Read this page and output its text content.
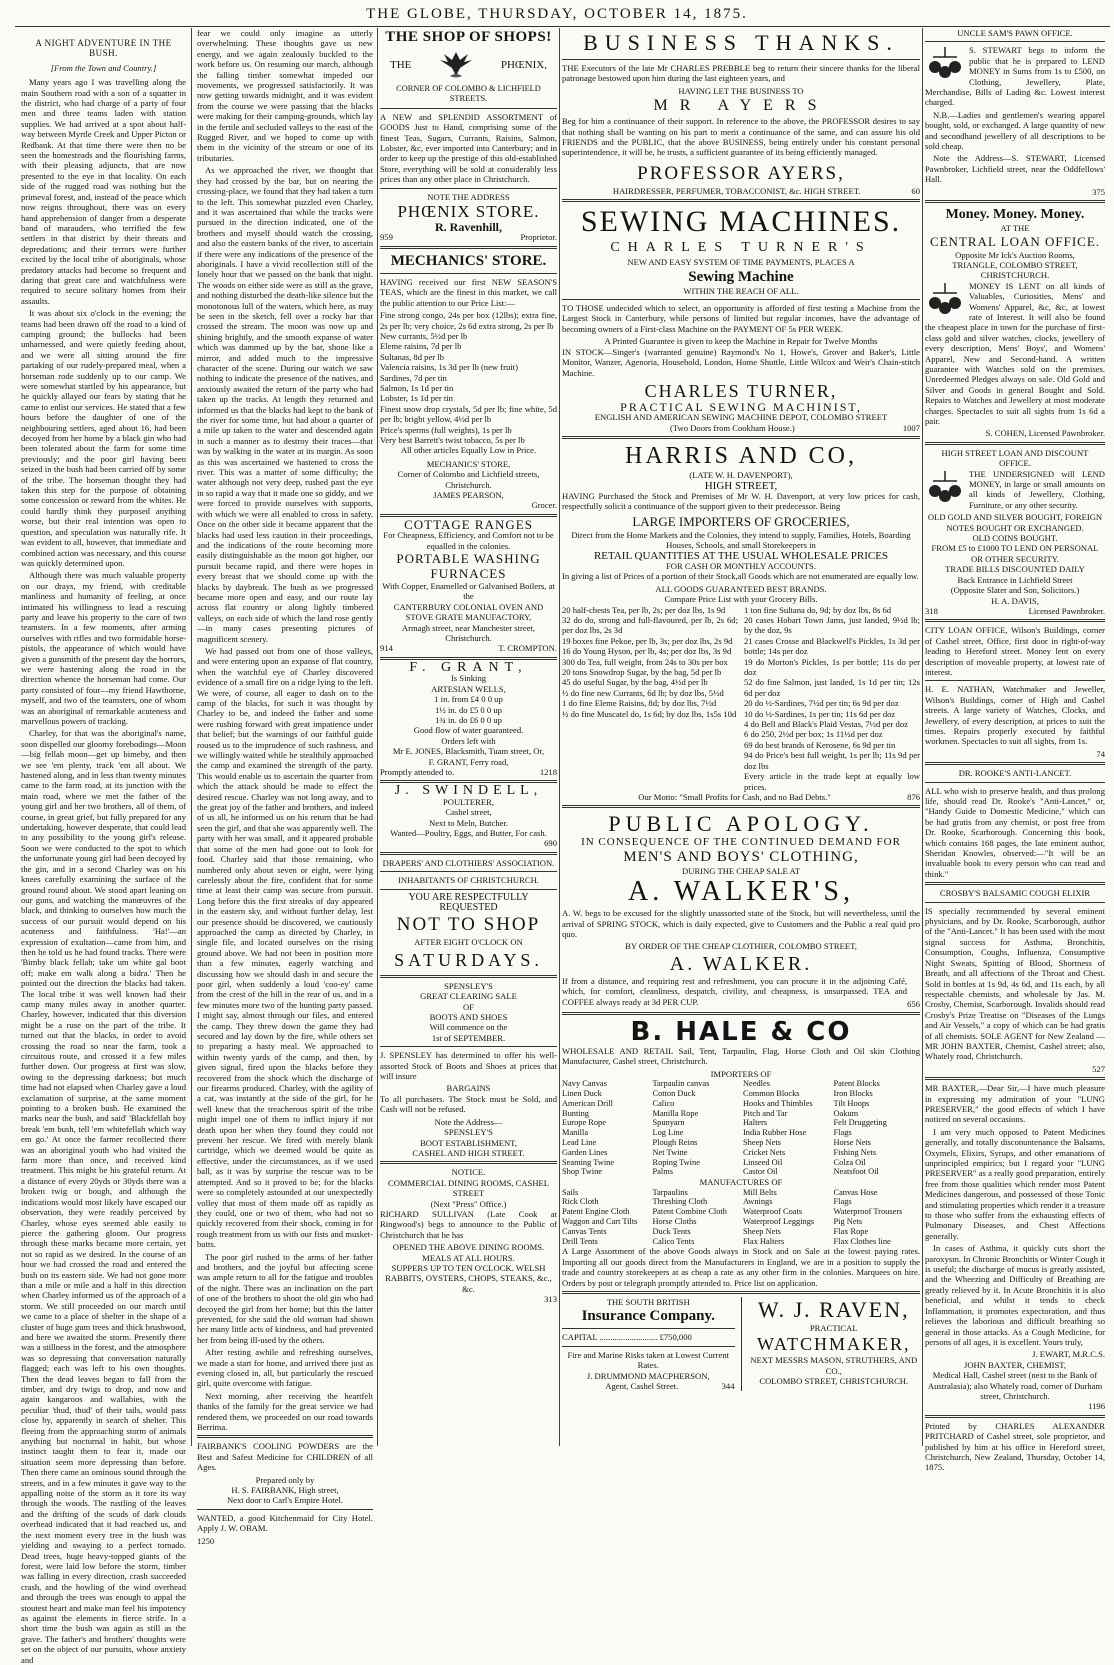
THE GLOBE, THURSDAY, OCTOBER 14, 1875.
A NIGHT ADVENTURE IN THE BUSH.
[From the Town and Country.]

Many years ago I was travelling along the main Southern road with a son of a squatter in the district, who had charge of a party of four men and three teams laden with station supplies. We had arrived at a spot about half-way between Myrtle Creek and Upper Picton or Redbank. At that time there were then no be seen the homesteads and the flourishing farms, with their pleasing adjuncts, that are now presented to the eye in that locality. On each side of the rugged road was nothing but the primeval forest, and, instead of the peace which now reigns throughout, there was on every hand apprehension of danger from a desperate band of marauders, who terrified the few settlers in that district by their threats and depredations; and their terrors were further excited by the local tribe of aboriginals, whose predatory attacks had become so frequent and daring that great care and watchfulness were required to secure solitary homes from their assaults.

It was about six o'clock in the evening; the teams had been drawn off the road to a kind of camping ground; the bullocks had been unharnessed, and were quietly feeding about, and we were all sitting around the fire partaking of our rudely-prepared meal, when a horseman rode suddenly up to our camp. We were somewhat startled by his appearance, but he quickly allayed our fears by stating that he came to enlist our services. He stated that a few hours before the daughter of one of the neighbouring settlers, aged about 16, had been decoyed from her home by a black gin who had been tolerated about the farm for some time previously; and the poor girl having been seized in the bush had been carried off by some of the tribe. The horseman thought they had taken this step for the purpose of obtaining some concession or reward from the whites. He could hardly think they purposed anything worse, but their real intention was open to question, and speculation was naturally rife. It was evident to all, however, that immediate and combined action was necessary, and this course was quickly determined upon.

Although there was much valuable property on our drays, my friend, with creditable manliness and humanity of feeling, at once intimated his willingness to lead a rescuing party and leave his property to the care of two teamsters. In a few moments, after arming ourselves with rifles and two formidable horse-pistols, the appearance of which would have given a gunsmith of the present day the horrors, we were hastening along the road in the direction whence the horseman had come. Our party consisted of four—my friend Hawthorne, myself, and two of the teamsters, one of whom was an aboriginal of remarkable acuteness and marvellous powers of tracking.

Charley, for that was the aboriginal's name, soon dispelled our gloomy forebodings—Moon—big fellah moon—get up bimeby, and then we see 'em plenty, track 'em all about. We hastened along, and in less than twenty minutes came to the farm road, at its junction with the main road, where we met the father of the young girl and her two brothers, all of them, of course, in great grief, but fully prepared for any undertaking, however desperate, that could lead to any possibility to the young girl's release. Soon we were conducted to the spot to which the unfortunate young girl had been decoyed by the gin, and in a second Charley was on his knees carefully examining the surface of the ground round about. We stood apart leaning on our guns, and watching the manœuvres of the black, and thinking to ourselves how much the success of our pursuit would depend on his acuteness and faithfulness. 'Ha!'—an expression of exultation—came from him, and then he told us he had found tracks. There were 'Bimby black fellah; take um white gal boot off; make em walk along a bidra.' Then he pointed out the direction the blacks had taken. The local tribe it was well known had their camp many miles away in another quarter. Charley, however, indicated that this diversion might be a ruse on the part of the tribe. It turned out that the blacks, in order to avoid crossing the road so near the farm, took a circuitous route, and crossed it a few miles further down. Our progress at first was slow, owing to the depressing darkness; but much time had not elapsed when Charley gave a loud exclamation of surprise, at the same moment pointing to a broken bush. He examined the marks near the bush, and said' 'Blackfellah boy break 'em bush, tell 'em whitefellah which way em go.' At once the farmer recollected there was an aboriginal youth who had visited the farm more than once, and received kind treatment. This might be his grateful return. At a distance of every 20yds or 30yds there was a broken twig or bough, and although the indications would most likely have escaped our observation, they were readily perceived by Charley, whose eyes seemed able easily to pierce the gathering gloom. Our progress through these marks became more certain, yet not so rapid as we desired. In the course of an hour we had crossed the road and entered the bush on its eastern side. We had not gone more than a mile or mile and a half in this direction when Charley informed us of the approach of a storm. We still proceeded on our march until we came to a place of shelter in the shape of a cluster of huge gum trees and thick brushwood, and here we awaited the storm. Presently there was a stillness in the forest, and the atmosphere was so depressing that conversation naturally flagged; each was left to his own thoughts. Then the dead leaves began to fall from the timber, and dry twigs to drop, and now and again kangaroos and wallabies, with the peculiar 'thud, thud' of their tails, would pass close by, apparently in search of shelter. This fleeing from the approaching storm of animals anything but nocturnal in habit, but whose instinct taught them to fear it, made our situation seem more depressing than before. Then there came an ominous sound through the streets, and in a few minutes it gave way to the appalling noise of the storm as it tore its way through the woods. The rustling of the leaves and the drifting of the scuds of dark clouds overhead indicated that it had reached us, and the next moment every tree in the bush was yielding and swaying to a perfect tornado. Dead trees, huge heavy-topped giants of the forest, were laid low before the storm, timber was falling in every direction, crash succeeded crash, and the howling of the wind overhead and through the trees was enough to appal the stoutest heart and make man feel his impotency as against the elements in fierce strife. In a short time the bush was again as still as the grave. The father's and brothers' thoughts were set on the object of our pursuits, whose anxiety and

fear we could only imagine as utterly overwhelming. These thoughts gave us new energy, and we again zealously buckled to the work before us. On resuming our march, although the falling timber somewhat impeded our movements, we progressed satisfactorily. It was now getting towards midnight, and it was evident from the course we were passing that the blacks were making for their camping-grounds, which lay in the fertile and secluded valleys to the east of the Rugged River, and we hoped to come up with them in the vicinity of the stream or one of its tributaries.

As we approached the river, we thought that they had crossed by the bar, but on nearing the crossing-place, we found that they had taken a turn to the left. This somewhat puzzled even Charley, and it was ascertained that while the tracks were pursued in the direction indicated, one of the brothers and myself should watch the crossing, and also the eastern banks of the river, to ascertain if there were any indications of the presence of the aboriginals. I have a vivid recollection still of the lonely hour that we passed on the bank that night. The woods on either side were as still as the grave, and nothing disturbed the death-like silence but the monotonous lull of the waters, which here, as may be seen in the sketch, fell over a rocky bar that crossed the stream. The moon was now up and shining brightly, and the smooth expanse of water which was dammed up by the bar, shone like a mirror, and added much to the impressive character of the scene. During our watch we saw nothing to indicate the presence of the natives, and anxiously awaited the return of the party who had taken up the tracks. At length they returned and informed us that the blacks had kept to the bank of the river for some time, but had about a quarter of a mile up taken to the water and descended again in such a manner as to destroy their traces—that was by walking in the water at its margin. As soon as this was ascertained we hastened to cross the river. This was a matter of some difficulty; the water although not very deep, rushed past the eye in so rapid a way that it made one so giddy, and we were forced to provide ourselves with supports, with which we were all enabled to cross in safety. Once on the other side it became apparent that the blacks had used less caution in their proceedings, and the indications of the route becoming more easily distinguishable as the moon got higher, our pursuit became rapid, and there were hopes in every breast that we should come up with the blacks by daybreak. The bush as we progressed became more open and easy, and our route lay across flat country or along lightly timbered valleys, on each side of which the land rose gently—in many cases presenting pictures of magnificent scenery.

We had passed out from one of those valleys, and were entering upon an expanse of flat country, when the watchful eye of Charley discovered evidence of a small fire on a ridge lying to the left. We were, of course, all eager to dash on to the camp of the blacks, for such it was thought by Charley to be, and indeed the father and some were rushing forward with great impatience under that belief; but the warnings of our faithful guide roused us to the imprudence of such rashness, and we willingly waited while he stealthily approached the camp and examined the strength of the party. This would enable us to ascertain the quarter from which the attack should be made to effect the desired rescue. Charley was not long away, and to the great joy of the father and brothers, and indeed of us all, he informed us on his return that he had seen the girl, and that she was apparently well. The party with her was small, and it appeared probable that some of the men had gone out to look for food. Charley said that those remaining, who numbered only about seven or eight, were lying carelessly about the fire, confident that for some time at least their camp was secure from pursuit. Long before this the first streaks of day appeared in the eastern sky, and without further delay, lest our presence should be discovered, we cautiously approached the camp as directed by Charley, in single file, and located ourselves on the rising ground above. We had not been in position more than a few minutes, eagerly watching and discussing how we should dash in and secure the poor girl, when suddenly a loud 'coo-ey' came from the crest of the hill in the rear of us, and in a few minutes more two of the hunting party passed. I might say, almost through our files, and entered the camp. They threw down the game they had secured and lay down by the fire, while others set to preparing a hasty meal. We approached to within twenty yards of the camp, and then, by given signal, fired upon the blacks before they recovered from the shock which the discharge of our firearms produced. Charley, with the agility of a cat, was instantly at the side of the girl, for he well knew that the treacherous spirit of the tribe might impel one of them to inflict injury if not death upon her when they found they could not prevent her rescue. We fired with merely blank cartridge, which we deemed would be quite as effective, under the circumstances, as if we used ball, as it was by surprise the rescue was to be attempted. And so it proved to be; for the blacks were so completely astounded at our unexpectedly volley that most of them made off as rapidly as they could, one or two of them, who had not so quickly recovered from their shock, coming in for rough treatment from us with our fists and musket-butts.

The poor girl rushed to the arms of her father and brothers, and the joyful but affecting scene was ample return to all for the fatigue and troubles of the night. There was an inclination on the part of one of the brothers to shoot the old gin who had decoyed the girl from her home; but this the latter prevented, for she said the old woman had shown her many little acts of kindness, and had prevented her from being ill-used by the others.

After resting awhile and refreshing ourselves, we made a start for home, and arrived there just as evening closed in, all, but particularly the rescued girl, quite overcome with fatigue.

Next morning, after receiving the heartfelt thanks of the family for the great service we had rendered them, we proceeded on our road towards Berrima.

FAIRBANK'S COOLING POWDERS are the Best and Safest Medicine for CHILDREN of all Ages.

Prepared only by
H. S. FAIRBANK, High street,
Next door to Carl's Empire Hotel.

WANTED, a good Kitchenmaid for City Hotel. Apply J. W. OBAM.

1250
THE SHOP OF SHOPS!
THE	PHŒNIX,
CORNER OF COLOMBO & LICHFIELD STREETS.

A NEW and SPLENDID ASSORTMENT of GOODS Just to Hand, comprising some of the finest Teas, Sugars, Currants, Raisins, Salmon, Lobster, &c, ever imported into Canterbury; and in order to keep up the prestige of this old-established Store, everything will be sold at considerably less prices than any other place in Christchurch.

NOTE THE ADDRESS
PHŒNIX STORE.
R. Ravenhill,
959	Proprietor.
MECHANICS' STORE.

HAVING received our first NEW SEASON'S TEAS, which are the finest in this market, we call the public attention to our Price List:—

Fine strong congo, 24s per box (12lbs); extra fine, 2s per lb; very choice, 2s 6d extra strong, 2s per lb
New currants, 5½d per lb
Eleme raisins, 7d per lb
Sultanas, 8d per lb
Valencia raisins, 1s 3d per lb (new fruit)
Sardines, 7d per tin
Salmon, 1s 1d per tin
Lobster, 1s 1d per tin
Finest snow drop crystals, 5d per lb; fine white, 5d per lb; bright yellow, 4½d per lb
Price's sperms (full weights), 1s per lb
Very best Barrett's twist tobacco, 5s per lb
All other articles Equally Low in Price.
MECHANICS' STORE,
Corner of Colombo and Lichfield streets, Christchurch.
JAMES PEARSON,
Grocer.
COTTAGE RANGES
For Cheapness, Efficiency, and Comfort not to be equalled in the colonies.
PORTABLE WASHING FURNACES
With Copper, Enamelled or Galvanised Boilers, at the
CANTERBURY COLONIAL OVEN AND STOVE GRATE MANUFACTORY,
Armagh street, near Manchester street, Christchurch.
914	T. CROMPTON.
F. GRANT,
Is Sinking
ARTESIAN WELLS,
1 in. from £4 0 0 up
1½ in. do £5 0 0 up
1¾ in. do £6 0 0 up
Good flow of water guaranteed.
Orders left with
Mr E. JONES, Blacksmith, Tuam street, Or,
F. GRANT, Ferry road,
Promptly attended to.	1218
J. SWINDELL,
POULTERER,
Cashel street,
Next to Meln, Butcher.
Wanted—Poultry, Eggs, and Butter, For cash.
690
DRAPERS' AND CLOTHIERS' ASSOCIATION.
INHABITANTS OF CHRISTCHURCH.
YOU ARE RESPECTFULLY REQUESTED
NOT TO SHOP
AFTER EIGHT O'CLOCK ON
SATURDAYS.
SPENSLEY'S
GREAT CLEARING SALE
OF
BOOTS AND SHOES
Will commence on the
1st of SEPTEMBER.

J. SPENSLEY has determined to offer his well-assorted Stock of Boots and Shoes at prices that will insure

BARGAINS

To all purchasers. The Stock must be Sold, and Cash will not be refused.

Note the Address—
SPENSLEY'S
BOOT ESTABLISHMENT,
CASHEL AND HIGH STREET.
NOTICE.
COMMERCIAL DINING ROOMS, CASHEL STREET
(Next "Press" Office.)

RICHARD SULLIVAN (Late Cook at Ringwood's) begs to announce to the Public of Christchurch that he has

OPENED THE ABOVE DINING ROOMS.
MEALS AT ALL HOURS.
SUPPERS UP TO TEN O'CLOCK. WELSH RABBITS, OYSTERS, CHOPS, STEAKS, &c., &c.
313
BUSINESS THANKS.

THE Executors of the late Mr CHARLES PREBBLE beg to return their sincere thanks for the liberal patronage bestowed upon him during the last eighteen years, and

HAVING LET THE BUSINESS TO
MR AYERS

Beg for him a continuance of their support. In reference to the above, the PROFESSOR desires to say that nothing shall be wanting on his part to merit a continuance of the same, and can assure his old FRIENDS and the PUBLIC, that the above BUSINESS, being entirely under his constant personal superintendence, it will be, he trusts, a sufficient guarantee of its being efficiently managed.

PROFESSOR AYERS,
HAIRDRESSER, PERFUMER, TOBACCONIST, &c. HIGH STREET.	60
SEWING MACHINES.
CHARLES TURNER'S
NEW AND EASY SYSTEM OF TIME PAYMENTS, PLACES A
Sewing Machine
WITHIN THE REACH OF ALL.

TO THOSE undecided which to select, an opportunity is afforded of first testing a Machine from the Largest Stock in Canterbury, while persons of limited but regular incomes, have the advantage of becoming owners of a First-class Machine on the PAYMENT OF 5s PER WEEK.

A Printed Guarantee is given to keep the Machine in Repair for Twelve Months

IN STOCK—Singer's (warranted genuine) Raymond's No 1, Howe's, Grover and Baker's, Little Monitor, Wanzer, Agenoria, Household, London, Home Shuttle, Little Wilcox and Weir's Chain-stitch Machine.

CHARLES TURNER,
PRACTICAL SEWING MACHINIST,
ENGLISH AND AMERICAN SEWING MACHINE DEPOT, COLOMBO STREET
(Two Doors from Cookham House.)	1007
HARRIS AND CO,
(LATE W. H. DAVENPORT),
HIGH STREET,

HAVING Purchased the Stock and Premises of Mr W. H. Davenport, at very low prices for cash, respectfully solicit a continuance of the support given to their predecessor. Being

LARGE IMPORTERS OF GROCERIES,
Direct from the Home Markets and the Colonies, they intend to supply, Families, Hotels, Boarding Houses, Schools, and small Storekeepers in
RETAIL QUANTITIES AT THE USUAL WHOLESALE PRICES
FOR CASH OR MONTHLY ACCOUNTS.

In giving a list of Prices of a portion of their Stock,all Goods which are not enumerated are equally low.

ALL GOODS GUARANTEED BEST BRANDS.
Compare Price List with your Grocery Bills.
20 half-chests Tea, per lb, 2s; per doz lbs, 1s 9d
32 do do, strong and full-flavoured, per lb, 2s 6d; per doz lbs, 2s 3d
19 boxes fine Pekoe, per lb, 3s; per doz lbs, 2s 9d
16 do Young Hyson, per lb, 4s; per doz lbs, 3s 9d
300 do Tea, full weight, from 24s to 30s per box
20 tons Snowdrop Sugar, by the bag, 5d per lb
45 do useful Sugar, by the bag, 4½d per lb
½ do fine new Currants, 6d lb; by doz lbs, 5½d
1 do fine Eleme Raisins, 8d; by doz lbs, 7½d
½ do fine Muscatel do, 1s 6d; by doz lbs, 1s5s 10d
1 ton fine Sultana do, 9d; by doz lbs, 8s 6d
20 cases Hobart Town Jams, just landed, 9½d lb; by the doz, 9s
21 cases Crosse and Blackwell's Pickles, 1s 3d per bottle; 14s per doz
19 do Morton's Pickles, 1s per bottle; 11s do per doz
52 do fine Salmon, just landed, 1s 1d per tin; 12s 6d per doz
20 do ½-Sardines, 7½d per tin; 6s 9d per doz
10 do ½-Sardines, 1s per tin; 11s 6d per doz
4 do Bell and Black's Plaid Vestas, 7½d per doz
6 do 250, 2½d per box; 1s 11½d per doz
69 do best brands of Kerosene, 6s 9d per tin
94 do Price's best full weight, 1s per lb; 11s 9d per doz lbs
Every article in the trade kept at equally low prices.
Our Motto: "Small Profits for Cash, and no Bad Debts."	876
PUBLIC APOLOGY.
IN CONSEQUENCE OF THE CONTINUED DEMAND FOR
MEN'S AND BOYS' CLOTHING,
DURING THE CHEAP SALE AT
A. WALKER'S,

A. W. begs to be excused for the slightly unassorted state of the Stock, but will nevertheless, until the arrival of SPRING STOCK, which is daily expected, give to Customers and the Public a real quid pro quo.

BY ORDER OF THE CHEAP CLOTHIER, COLOMBO STREET,
A. WALKER.

If from a distance, and requiring rest and refreshment, you can procure it in the adjoining Café, which, for comfort, cleanliness, despatch, civility, and cheapness, is unsurpassed. TEA and COFFEE always ready at 3d PER CUP.	656
B. HALE & CO

WHOLESALE AND RETAIL Sail, Tent, Tarpaulin, Flag, Horse Cloth and Oil skin Clothing Manufacturer, Cashel street, Christchurch.

IMPORTERS OF
Navy Canvas
Linen Duck
American Drill
Bunting
Europe Rope
Manilla
Lead Line
Garden Lines
Seaming Twine
Shop Twine
Tarpaulin canvas
Cotton Duck
Calico
Manilla Rope
Spunyarn
Log Line
Plough Reins
Net Twine
Roping Twine
Palms
Needles
Common Blocks
Hooks and Thimbles
Pitch and Tar
Halters
India Rubber Hose
Sheep Nets
Cricket Nets
Linseed Oil
Castor Oil
Patent Blocks
Iron Blocks
Tilt Hoops
Oakum
Felt Druggeting
Flags
Horse Nets
Fishing Nets
Colza Oil
Neatsfoot Oil
MANUFACTURES OF
Sails
Rick Cloth
Patent Engine Cloth
Waggon and Cart Tilts
Canvas Tents
Drill Tents
Tarpaulins
Threshing Cloth
Patent Combine Cloth
Horse Cloths
Duck Tents
Calico Tents
Mill Belts
Awnings
Waterproof Coats
Waterproof Leggings
Sheep Nets
Flax Halters
Canvas Hose
Flags
Waterproof Trousers
Pig Nets
Flax Rope
Flax Clothes line

A Large Assortment of the above Goods always in Stock and on Sale at the lowest paying rates. Importing all our goods direct from the Manufacturers in England, we are in a position to supply the trade and country storekeepers at as cheap a rate as any other firm in the colonies. Marquees on hire. Orders by post or telegraph promptly attended to. Price list on application.

THE SOUTH BRITISH
Insurance Company.
CAPITAL ........................... £750,000
Fire and Marine Risks taken at Lowest Current Rates.
J. DRUMMOND MACPHERSON,
Agent, Cashel Street.	344
W. J. RAVEN,
PRACTICAL
WATCHMAKER,
NEXT MESSRS MASON, STRUTHERS, AND CO.,
COLOMBO STREET, CHRISTCHURCH.
UNCLE SAM'S PAWN OFFICE.

S. STEWART begs to inform the public that he is prepared to LEND MONEY in Sums from 1s to £500, on Clothing, Jewellery, Plate, Merchandise, Bills of Lading &c. Lowest interest charged.

N.B.—Ladies and gentlemen's wearing apparel bought, sold, or exchanged. A large quantity of new and secondhand jewellery of all descriptions to be sold cheap.

Note the Address—S. STEWART, Licensed Pawnbroker, Lichfield street, near the Oddfellows' Hall.

375
Money. Money. Money.
AT THE
CENTRAL LOAN OFFICE.
Opposite Mr Ick's Auction Rooms,
TRIANGLE, COLOMBO STREET,
CHRISTCHURCH.

MONEY IS LENT on all kinds of Valuables, Curiosities, Mens' and Womens' Apparel, &c, &c, at lowest rate of Interest. It will also be found the cheapest place in town for the purchase of first-class gold and silver watches, clocks, jewellery of every description, Mens' Boys', and Womens' Apparel, New and Second-hand. A written guarantee with Watches sold on the premises. Unredeemed Pledges always on sale. Old Gold and Silver and Goods in general Bought and Sold. Repairs to Watches and Jewellery at most moderate charges. Spectacles to suit all sights from 1s 6d a pair.

S. COHEN, Licensed Pawnbroker.
HIGH STREET LOAN AND DISCOUNT OFFICE.

THE UNDERSIGNED will LEND MONEY, in large or small amounts on all kinds of Jewellery, Clothing, Furniture, or any other security.

OLD GOLD AND SILVER BOUGHT, FOREIGN NOTES BOUGHT OR EXCHANGED.
OLD COINS BOUGHT.
FROM £5 to £1000 TO LEND ON PERSONAL OR OTHER SECURITY.
TRADE BILLS DISCOUNTED DAILY
Back Entrance in Lichfield Street
(Opposite Slater and Son, Solicitors.)
H. A. DAVIS,
318	Licensed Pawnbroker.

CITY LOAN OFFICE, Wilson's Buildings, corner of Cashel street, Office, first door in right-of-way leading to Hereford street. Money lent on every description of moveable property, at lowest rate of interest.

H. E. NATHAN, Watchmaker and Jeweller, Wilson's Buildings, corner of High and Cashel streets. A large variety of Watches, Clocks, and Jewellery, of every description, at prices to suit the times. Repairs properly executed by faithful workmen. Spectacles to suit all sights, from 1s.

74
DR. ROOKE'S ANTI-LANCET.

ALL who wish to preserve health, and thus prolong life, should read Dr. Rooke's "Anti-Lancet," or, "Handy Guide to Domestic Medicine," which can be had gratis from any chemist, or post free from Dr. Rooke, Scarborough. Concerning this book, which contains 168 pages, the late eminent author, Sheridan Knowles, observed:—"It will be an invaluable book to every person who can read and think."

CROSBY'S BALSAMIC COUGH ELIXIR

IS specially recommended by several eminent physicians, and by Dr. Rooke, Scarborough, author of the "Anti-Lancet." It has been used with the most signal success for Asthma, Bronchitis, Consumption, Coughs, Influenza, Consumptive Night Sweats, Spitting of Blood, Shortness of Breath, and all affections of the Throat and Chest. Sold in bottles at 1s 9d, 4s 6d, and 11s each, by all respectable chemists, and wholesale by Jas. M. Crosby, Chemist, Scarborough. Invalids should read Crosby's Prize Treatise on "Diseases of the Lungs and Air Vessels," a copy of which can be had gratis of all chemists. SOLE AGENT for New Zealand — MR JOHN BAXTER, Chemist, Cashel street; also, Whately road, Christchurch.

527

MR BAXTER,—Dear Sir,—I have much pleasure in expressing my admiration of your "LUNG PRESERVER," the good effects of which I have noticed on several occasions.

I am very much opposed to Patent Medicines generally, and totally disconuntenance the Balsams, Oxymels, Elixirs, Syrups, and other emanations of unprincipled empirics; but I regard your "LUNG PRESERVER" as a really good preparation, entirely free from those qualities which render most Patent Medicines dangerous, and possessed of those Tonic and stimulating properties which render it a treasure to those who suffer from the exhausting effects of Pulmonary Diseases, and Chest Affections generally.

In cases of Asthma, it quickly cuts short the paroxysm. In Chronic Bronchitis or Winter Cough it is useful; the discharge of mucus is greatly assisted, and the Wheezing and Difficulty of Breathing are greatly relieved by it. In Acute Bronchitis it is also beneficial, and whilst it tends to check Inflammation, it promotes expectoration, and thus relieves the laborious and difficult breathing so general in those attacks. As a Cough Medicine, for persons of all ages, it is excellent. Yours truly,

J. EWART, M.R.C.S.
JOHN BAXTER, CHEMIST,
Medical Hall, Cashel street (next to the Bank of Australasia); also Whately road, corner of Durham street, Christchurch.
1196

Printed by CHARLES ALEXANDER PRITCHARD of Cashel street, sole proprietor, and published by him at his office in Hereford street, Christchurch, New Zealand, Thursday, October 14, 1875.
